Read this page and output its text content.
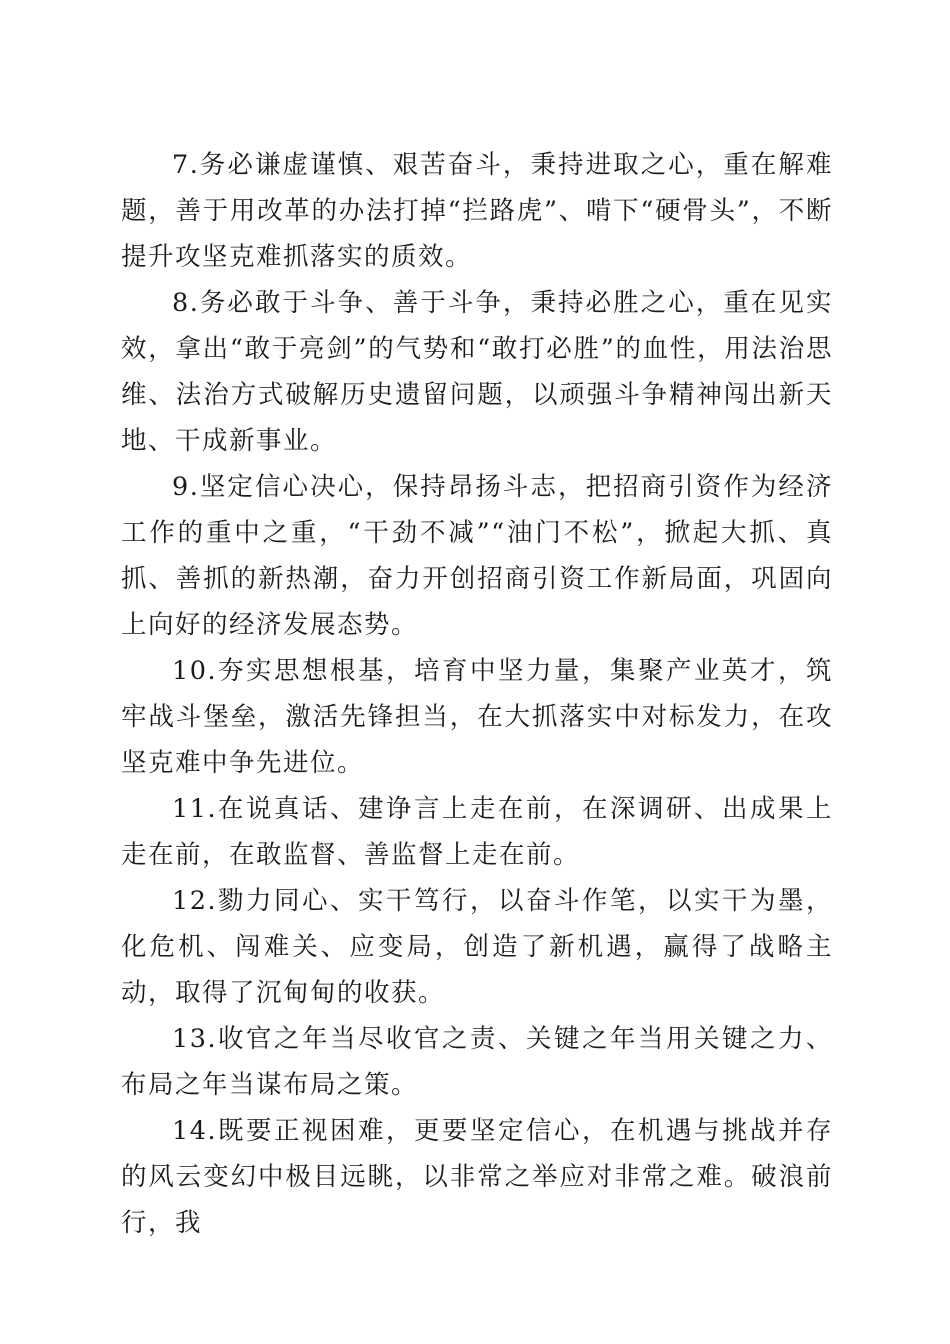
7.务必谦虚谨慎、艰苦奋斗，秉持进取之心，重在解难题，善于用改革的办法打掉“拦路虎”、啃下“硬骨头”，不断提升攻坚克难抓落实的质效。

8.务必敢于斗争、善于斗争，秉持必胜之心，重在见实效，拿出“敢于亮剑”的气势和“敢打必胜”的血性，用法治思维、法治方式破解历史遗留问题，以顽强斗争精神闯出新天地、干成新事业。

9.坚定信心决心，保持昂扬斗志，把招商引资作为经济工作的重中之重，“干劲不减”“油门不松”，掀起大抓、真抓、善抓的新热潮，奋力开创招商引资工作新局面，巩固向上向好的经济发展态势。

10.夯实思想根基，培育中坚力量，集聚产业英才，筑牢战斗堡垒，激活先锋担当，在大抓落实中对标发力，在攻坚克难中争先进位。

11.在说真话、建诤言上走在前，在深调研、出成果上走在前，在敢监督、善监督上走在前。

12.勠力同心、实干笃行，以奋斗作笔，以实干为墨，化危机、闯难关、应变局，创造了新机遇，赢得了战略主动，取得了沉甸甸的收获。

13.收官之年当尽收官之责、关键之年当用关键之力、布局之年当谋布局之策。

14.既要正视困难，更要坚定信心，在机遇与挑战并存的风云变幻中极目远眺，以非常之举应对非常之难。破浪前行，我
